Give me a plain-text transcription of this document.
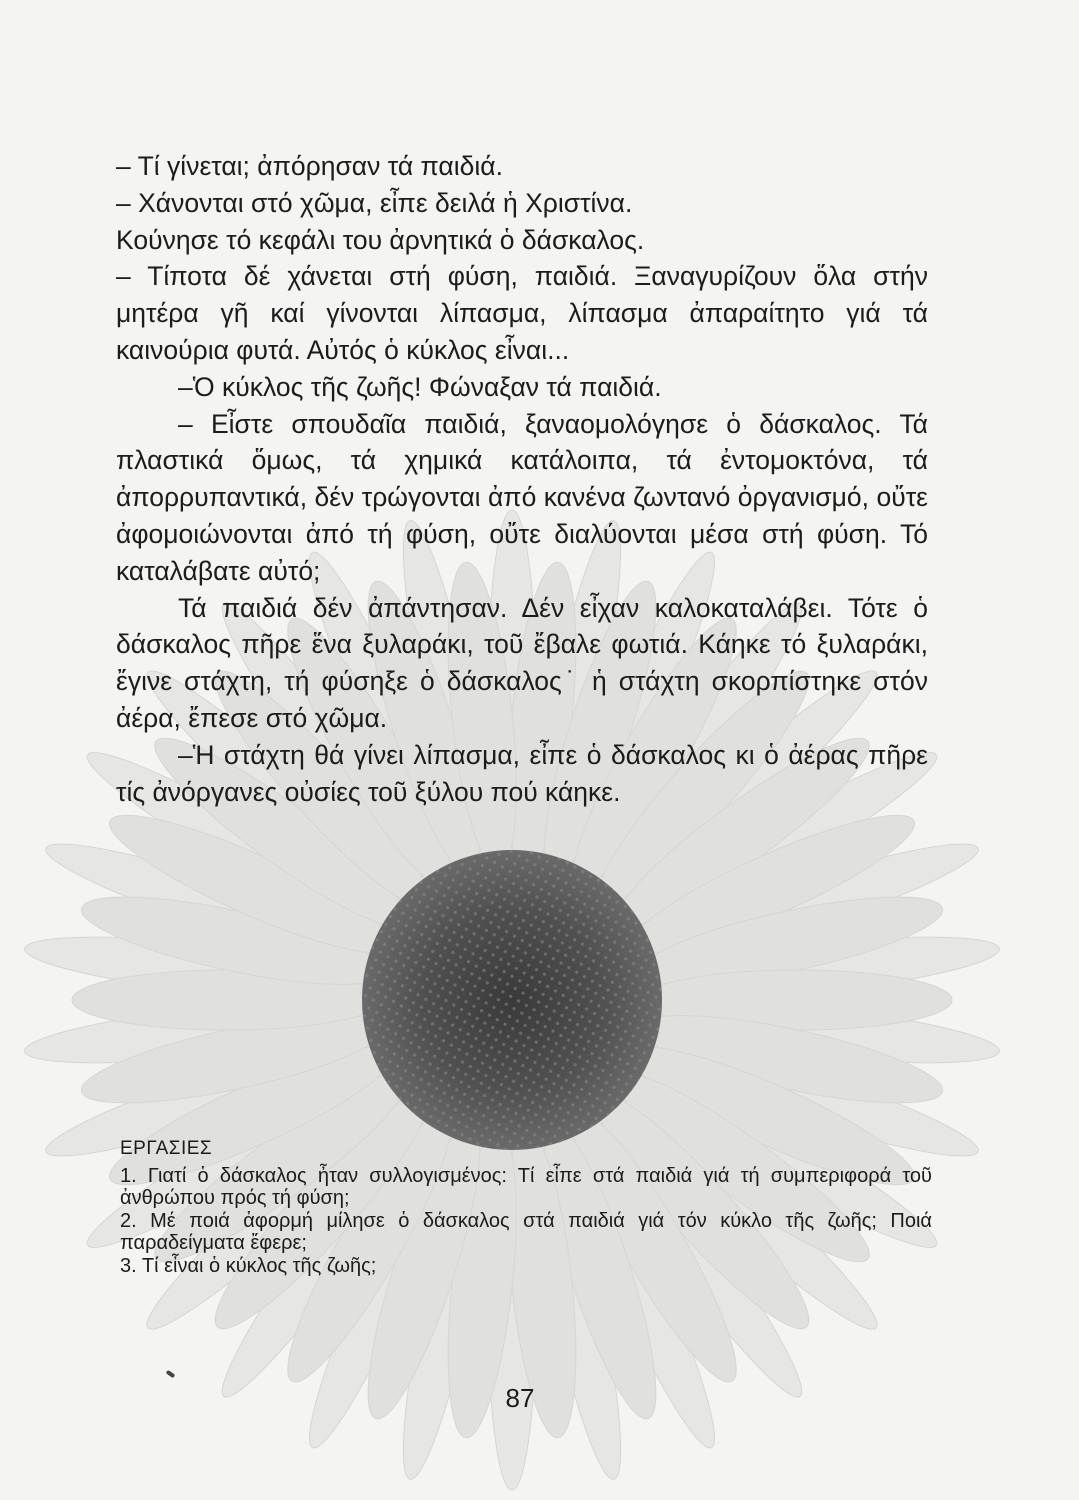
– Τί γίνεται; ἀπόρησαν τά παιδιά.

– Χάνονται στό χῶμα, εἶπε δειλά ἡ Χριστίνα.

Κούνησε τό κεφάλι του ἀρνητικά ὁ δάσκαλος.

– Τίποτα δέ χάνεται στή φύση, παιδιά. Ξαναγυρίζουν ὅλα στήν μητέρα γῆ καί γίνονται λίπασμα, λίπασμα ἀπαραίτητο γιά τά καινούρια φυτά. Αὐτός ὁ κύκλος εἶναι...

–Ὁ κύκλος τῆς ζωῆς! Φώναξαν τά παιδιά.

– Εἶστε σπουδαῖα παιδιά, ξαναομολόγησε ὁ δάσκαλος. Τά πλαστικά ὅμως, τά χημικά κατάλοιπα, τά ἐντομοκτόνα, τά ἀπορρυπαντικά, δέν τρώγονται ἀπό κανένα ζωντανό ὀργανισμό, οὔτε ἀφομοιώνονται ἀπό τή φύση, οὔτε διαλύονται μέσα στή φύση. Τό καταλάβατε αὐτό;

Τά παιδιά δέν ἀπάντησαν. Δέν εἶχαν καλοκαταλάβει. Τότε ὁ δάσκαλος πῆρε ἕνα ξυλαράκι, τοῦ ἔβαλε φωτιά. Κάηκε τό ξυλαράκι, ἔγινε στάχτη, τή φύσηξε ὁ δάσκαλος˙ ἡ στάχτη σκορπίστηκε στόν ἀέρα, ἔπεσε στό χῶμα.

–Ἡ στάχτη θά γίνει λίπασμα, εἶπε ὁ δάσκαλος κι ὁ ἀέρας πῆρε τίς ἀνόργανες οὐσίες τοῦ ξύλου πού κάηκε.

ΕΡΓΑΣΙΕΣ

1. Γιατί ὁ δάσκαλος ἦταν συλλογισμένος: Τί εἶπε στά παιδιά γιά τή συμπεριφορά τοῦ ἀνθρώπου πρός τή φύση;

2. Μέ ποιά ἀφορμή μίλησε ὁ δάσκαλος στά παιδιά γιά τόν κύκλο τῆς ζωῆς; Ποιά παραδείγματα ἔφερε;

3. Τί εἶναι ὁ κύκλος τῆς ζωῆς;

87
